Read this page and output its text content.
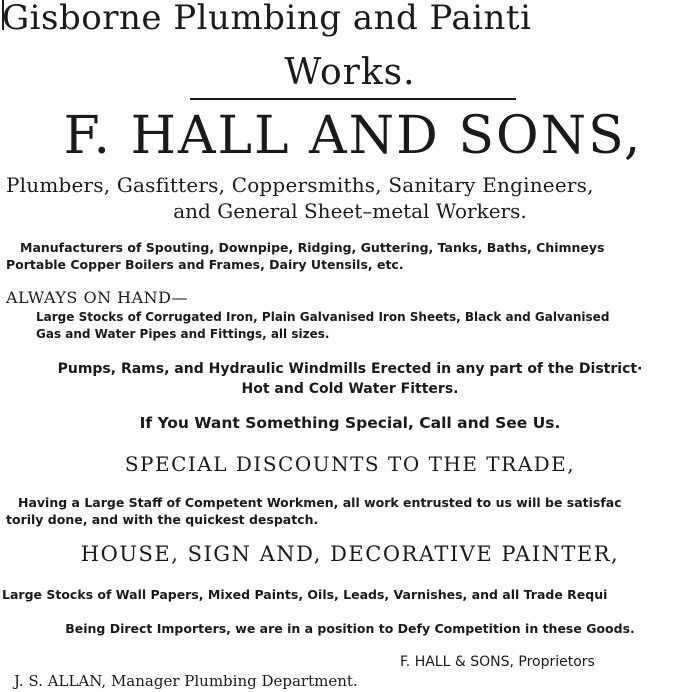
Gisborne Plumbing and Painti
Works.
F. HALL AND SONS,
Plumbers, Gasfitters, Coppersmiths, Sanitary Engineers,
and General Sheet–metal Workers.
Manufacturers of Spouting, Downpipe, Ridging, Guttering, Tanks, Baths, Chimneys
Portable Copper Boilers and Frames, Dairy Utensils, etc.
ALWAYS ON HAND—
Large Stocks of Corrugated Iron, Plain Galvanised Iron Sheets, Black and Galvanised
Gas and Water Pipes and Fittings, all sizes.
Pumps, Rams, and Hydraulic Windmills Erected in any part of the District·
Hot and Cold Water Fitters.
If You Want Something Special, Call and See Us.
SPECIAL DISCOUNTS TO THE TRADE,
Having a Large Staff of Competent Workmen, all work entrusted to us will be satisfac
torily done, and with the quickest despatch.
HOUSE, SIGN AND, DECORATIVE PAINTER,
Large Stocks of Wall Papers, Mixed Paints, Oils, Leads, Varnishes, and all Trade Requi
Being Direct Importers, we are in a position to Defy Competition in these Goods.
F. HALL & SONS, Proprietors
J. S. ALLAN, Manager Plumbing Department.
